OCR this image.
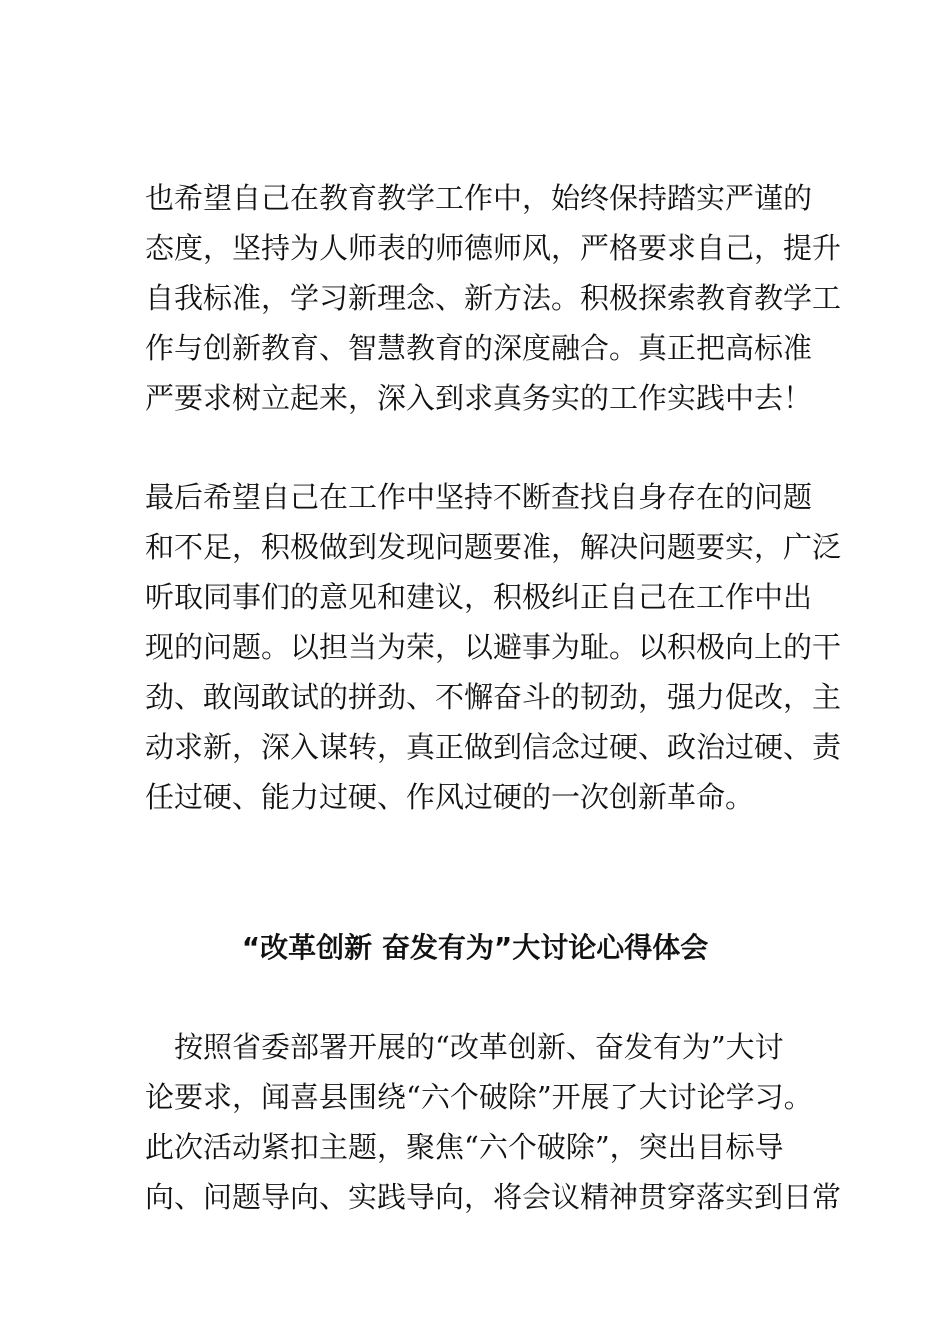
也希望自己在教育教学工作中，始终保持踏实严谨的
态度，坚持为人师表的师德师风，严格要求自己，提升
自我标准，学习新理念、新方法。积极探索教育教学工
作与创新教育、智慧教育的深度融合。真正把高标准
严要求树立起来，深入到求真务实的工作实践中去！
最后希望自己在工作中坚持不断查找自身存在的问题
和不足，积极做到发现问题要准，解决问题要实，广泛
听取同事们的意见和建议，积极纠正自己在工作中出
现的问题。以担当为荣，以避事为耻。以积极向上的干
劲、敢闯敢试的拼劲、不懈奋斗的韧劲，强力促改，主
动求新，深入谋转，真正做到信念过硬、政治过硬、责
任过硬、能力过硬、作风过硬的一次创新革命。
“改革创新 奋发有为”大讨论心得体会
　按照省委部署开展的“改革创新、奋发有为”大讨
论要求，闻喜县围绕“六个破除”开展了大讨论学习。
此次活动紧扣主题，聚焦“六个破除”，突出目标导
向、问题导向、实践导向，将会议精神贯穿落实到日常
